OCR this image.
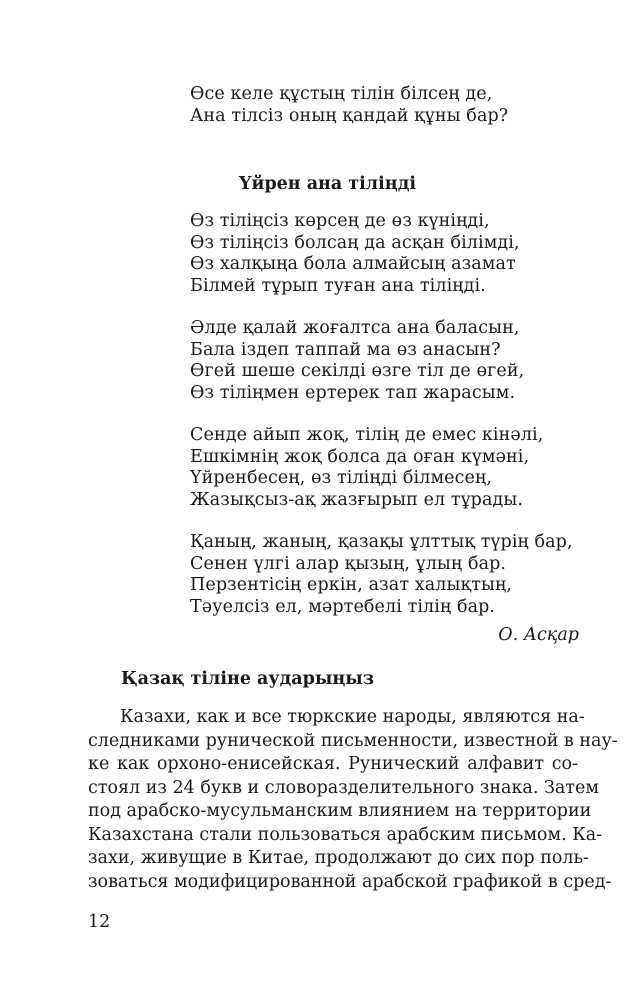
Өсе келе құстың тілін білсең де,
Ана тілсіз оның қандай құны бар?
Үйрен ана тіліңді
Өз тіліңсіз көрсең де өз күніңді,
Өз тіліңсіз болсаң да асқан білімді,
Өз халқыңа бола алмайсың азамат
Білмей тұрып туған ана тіліңді.
Әлде қалай жоғалтса ана баласын,
Бала іздеп таппай ма өз анасын?
Өгей шеше секілді өзге тіл де өгей,
Өз тіліңмен ертерек тап жарасым.
Сенде айып жоқ, тілің де емес кінәлі,
Ешкімнің жоқ болса да оған күмәні,
Үйренбесең, өз тіліңді білмесең,
Жазықсыз-ақ жазғырып ел тұрады.
Қаның, жаның, қазақы ұлттық түрің бар,
Сенен үлгі алар қызың, ұлың бар.
Перзентісің еркін, азат халықтың,
Тәуелсіз ел, мәртебелі тілің бар.
О. Асқар
Қазақ тіліне аударыңыз
Казахи, как и все тюркские народы, являются на-
следниками рунической письменности, известной в нау-
ке как орхоно-енисейская. Рунический алфавит со-
стоял из 24 букв и словоразделительного знака. Затем
под арабско-мусульманским влиянием на территории
Казахстана стали пользоваться арабским письмом. Ка-
захи, живущие в Китае, продолжают до сих пор поль-
зоваться модифицированной арабской графикой в сред-
12
